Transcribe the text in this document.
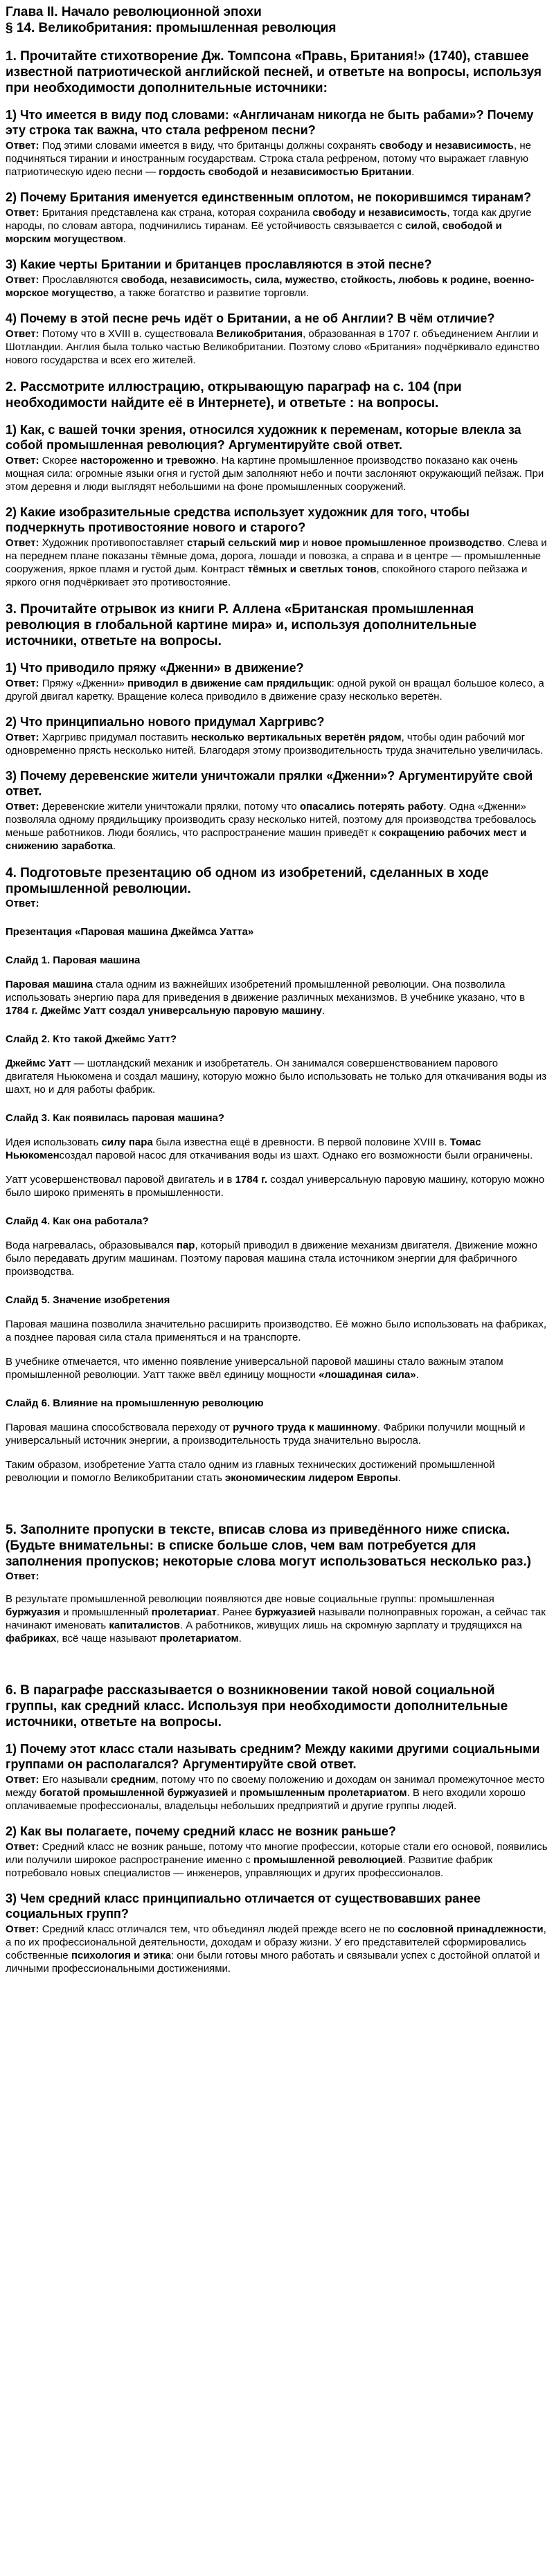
Глава II. Начало революционной эпохи
§ 14. Великобритания: промышленная революция
1. Прочитайте стихотворение Дж. Томпсона «Правь, Британия!» (1740), ставшее известной патриотической английской песней, и ответьте на вопросы, используя при необходимости дополнительные источники:
1) Что имеется в виду под словами: «Англичанам никогда не быть рабами»? Почему эту строка так важна, что стала рефреном песни?
Ответ: Под этими словами имеется в виду, что британцы должны сохранять свободу и независимость, не подчиняться тирании и иностранным государствам. Строка стала рефреном, потому что выражает главную патриотическую идею песни — гордость свободой и независимостью Британии.
2) Почему Британия именуется единственным оплотом, не покорившимся тиранам?
Ответ: Британия представлена как страна, которая сохранила свободу и независимость, тогда как другие народы, по словам автора, подчинились тиранам. Её устойчивость связывается с силой, свободой и морским могуществом.
3) Какие черты Британии и британцев прославляются в этой песне?
Ответ: Прославляются свобода, независимость, сила, мужество, стойкость, любовь к родине, военно-морское могущество, а также богатство и развитие торговли.
4) Почему в этой песне речь идёт о Британии, а не об Англии? В чём отличие?
Ответ: Потому что в XVIII в. существовала Великобритания, образованная в 1707 г. объединением Англии и Шотландии. Англия была только частью Великобритании. Поэтому слово «Британия» подчёркивало единство нового государства и всех его жителей.
2. Рассмотрите иллюстрацию, открывающую параграф на с. 104 (при необходимости найдите её в Интернете), и ответьте : на вопросы.
1) Как, с вашей точки зрения, относился художник к переменам, которые влекла за собой промышленная революция? Аргументируйте свой ответ.
Ответ: Скорее настороженно и тревожно. На картине промышленное производство показано как очень мощная сила: огромные языки огня и густой дым заполняют небо и почти заслоняют окружающий пейзаж. При этом деревня и люди выглядят небольшими на фоне промышленных сооружений.
2) Какие изобразительные средства использует художник для того, чтобы подчеркнуть противостояние нового и старого?
Ответ: Художник противопоставляет старый сельский мир и новое промышленное производство. Слева и на переднем плане показаны тёмные дома, дорога, лошади и повозка, а справа и в центре — промышленные сооружения, яркое пламя и густой дым. Контраст тёмных и светлых тонов, спокойного старого пейзажа и яркого огня подчёркивает это противостояние.
3. Прочитайте отрывок из книги Р. Аллена «Британская промышленная революция в глобальной картине мира» и, используя дополнительные источники, ответьте на вопросы.
1) Что приводило пряжу «Дженни» в движение?
Ответ: Пряжу «Дженни» приводил в движение сам прядильщик: одной рукой он вращал большое колесо, а другой двигал каретку. Вращение колеса приводило в движение сразу несколько веретён.
2) Что принципиально нового придумал Харгривс?
Ответ: Харгривс придумал поставить несколько вертикальных веретён рядом, чтобы один рабочий мог одновременно прясть несколько нитей. Благодаря этому производительность труда значительно увеличилась.
3) Почему деревенские жители уничтожали прялки «Дженни»? Аргументируйте свой ответ.
Ответ: Деревенские жители уничтожали прялки, потому что опасались потерять работу. Одна «Дженни» позволяла одному прядильщику производить сразу несколько нитей, поэтому для производства требовалось меньше работников. Люди боялись, что распространение машин приведёт к сокращению рабочих мест и снижению заработка.
4. Подготовьте презентацию об одном из изобретений, сделанных в ходе промышленной революции.
Ответ:
Презентация «Паровая машина Джеймса Уатта»
Слайд 1. Паровая машина
Паровая машина стала одним из важнейших изобретений промышленной революции. Она позволила использовать энергию пара для приведения в движение различных механизмов. В учебнике указано, что в 1784 г. Джеймс Уатт создал универсальную паровую машину.
Слайд 2. Кто такой Джеймс Уатт?
Джеймс Уатт — шотландский механик и изобретатель. Он занимался совершенствованием парового двигателя Ньюкомена и создал машину, которую можно было использовать не только для откачивания воды из шахт, но и для работы фабрик.
Слайд 3. Как появилась паровая машина?
Идея использовать силу пара была известна ещё в древности. В первой половине XVIII в. Томас Ньюкоменсоздал паровой насос для откачивания воды из шахт. Однако его возможности были ограничены.
Уатт усовершенствовал паровой двигатель и в 1784 г. создал универсальную паровую машину, которую можно было широко применять в промышленности.
Слайд 4. Как она работала?
Вода нагревалась, образовывался пар, который приводил в движение механизм двигателя. Движение можно было передавать другим машинам. Поэтому паровая машина стала источником энергии для фабричного производства.
Слайд 5. Значение изобретения
Паровая машина позволила значительно расширить производство. Её можно было использовать на фабриках, а позднее паровая сила стала применяться и на транспорте.
В учебнике отмечается, что именно появление универсальной паровой машины стало важным этапом промышленной революции. Уатт также ввёл единицу мощности «лошадиная сила».
Слайд 6. Влияние на промышленную революцию
Паровая машина способствовала переходу от ручного труда к машинному. Фабрики получили мощный и универсальный источник энергии, а производительность труда значительно выросла.
Таким образом, изобретение Уатта стало одним из главных технических достижений промышленной революции и помогло Великобритании стать экономическим лидером Европы.
5. Заполните пропуски в тексте, вписав слова из приведённого ниже списка. (Будьте внимательны: в списке больше слов, чем вам потребуется для заполнения пропусков; некоторые слова могут использоваться несколько раз.)
Ответ:
В результате промышленной революции появляются две новые социальные группы: промышленная буржуазия и промышленный пролетариат. Ранее буржуазией называли полноправных горожан, а сейчас так начинают именовать капиталистов. А работников, живущих лишь на скромную зарплату и трудящихся на фабриках, всё чаще называют пролетариатом.
6. В параграфе рассказывается о возникновении такой новой социальной группы, как средний класс. Используя при необходимости дополнительные источники, ответьте на вопросы.
1) Почему этот класс стали называть средним? Между какими другими социальными группами он располагался? Аргументируйте свой ответ.
Ответ: Его называли средним, потому что по своему положению и доходам он занимал промежуточное место между богатой промышленной буржуазией и промышленным пролетариатом. В него входили хорошо оплачиваемые профессионалы, владельцы небольших предприятий и другие группы людей.
2) Как вы полагаете, почему средний класс не возник раньше?
Ответ: Средний класс не возник раньше, потому что многие профессии, которые стали его основой, появились или получили широкое распространение именно с промышленной революцией. Развитие фабрик потребовало новых специалистов — инженеров, управляющих и других профессионалов.
3) Чем средний класс принципиально отличается от существовавших ранее социальных групп?
Ответ: Средний класс отличался тем, что объединял людей прежде всего не по сословной принадлежности, а по их профессиональной деятельности, доходам и образу жизни. У его представителей сформировались собственные психология и этика: они были готовы много работать и связывали успех с достойной оплатой и личными профессиональными достижениями.
